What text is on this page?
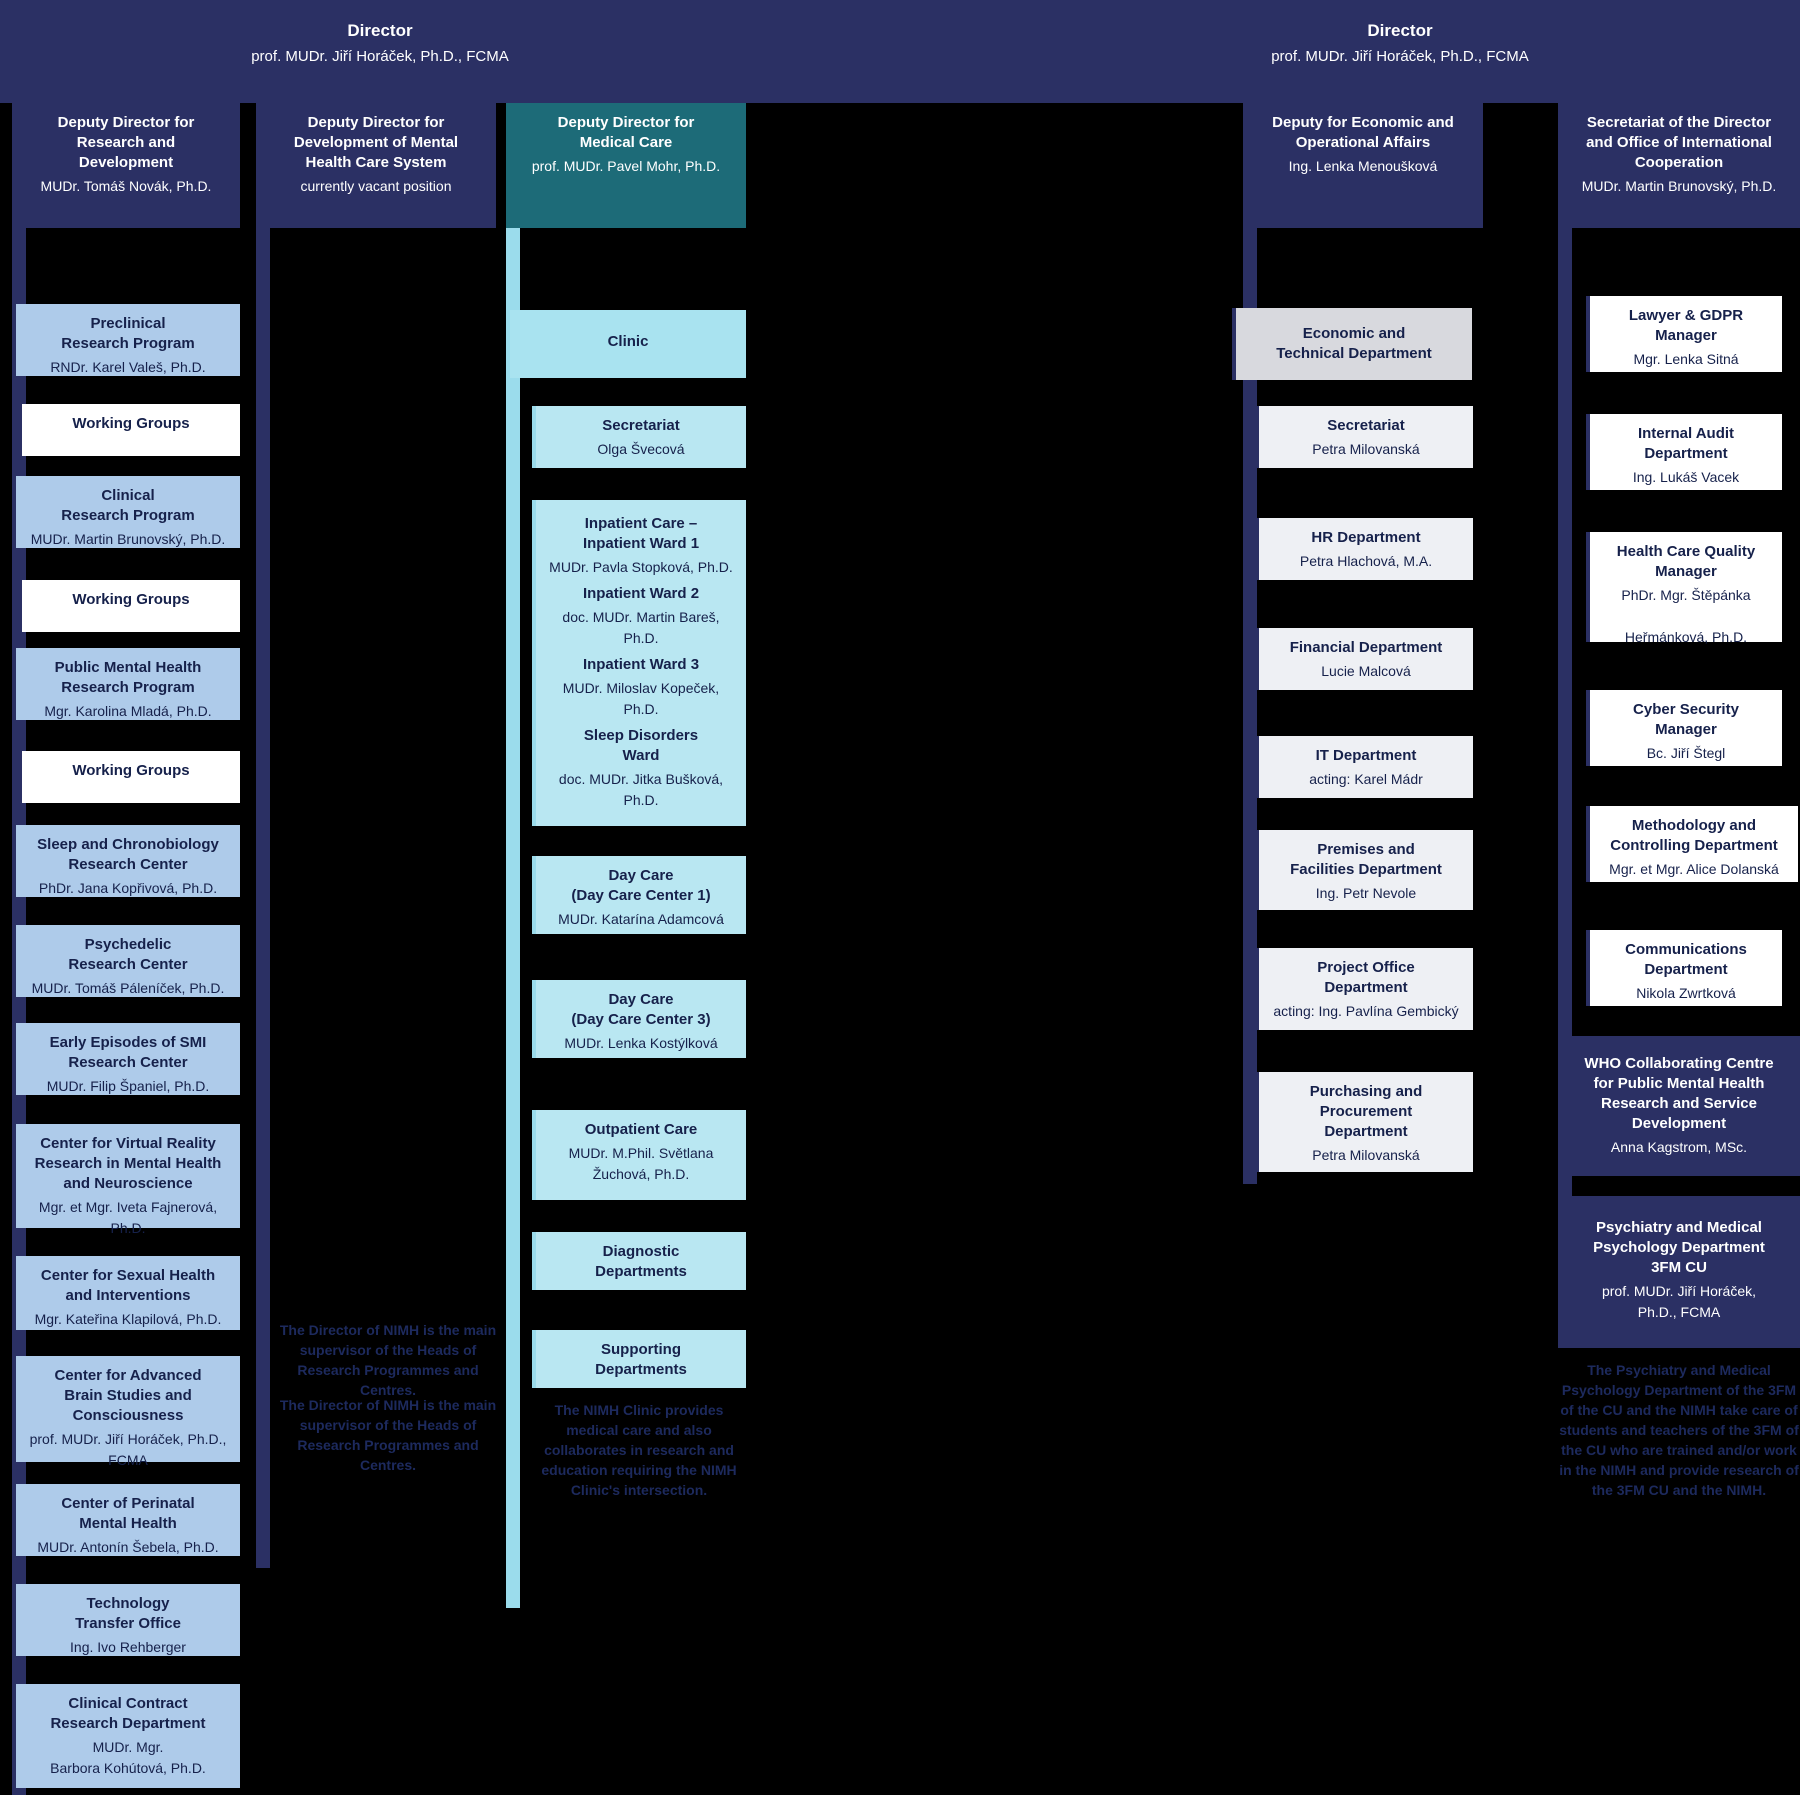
Director
prof. MUDr. Jiří Horáček, Ph.D., FCMA
Director
prof. MUDr. Jiří Horáček, Ph.D., FCMA
Deputy Director for
Research and
Development
MUDr. Tomáš Novák, Ph.D.
Deputy Director for
Development of Mental
Health Care System
currently vacant position
Deputy Director for
Medical Care
prof. MUDr. Pavel Mohr, Ph.D.
Deputy for Economic and
Operational Affairs
Ing. Lenka Menoušková
Secretariat of the Director
and Office of International
Cooperation
MUDr. Martin Brunovský, Ph.D.
Preclinical
Research Program
RNDr. Karel Valeš, Ph.D.
Working Groups
Clinical
Research Program
MUDr. Martin Brunovský, Ph.D.
Working Groups
Public Mental Health
Research Program
Mgr. Karolina Mladá, Ph.D.
Working Groups
Sleep and Chronobiology
Research Center
PhDr. Jana Kopřivová, Ph.D.
Psychedelic
Research Center
MUDr. Tomáš Páleníček, Ph.D.
Early Episodes of SMI
Research Center
MUDr. Filip Španiel, Ph.D.
Center for Virtual Reality
Research in Mental Health
and Neuroscience
Mgr. et Mgr. Iveta Fajnerová, Ph.D.
Center for Sexual Health
and Interventions
Mgr. Kateřina Klapilová, Ph.D.
Center for Advanced
Brain Studies and
Consciousness
prof. MUDr. Jiří Horáček, Ph.D.,
FCMA
Center of Perinatal
Mental Health
MUDr. Antonín Šebela, Ph.D.
Technology
Transfer Office
Ing. Ivo Rehberger
Clinical Contract
Research Department
MUDr. Mgr.
Barbora Kohútová, Ph.D.
Clinic
Secretariat
Olga Švecová
Inpatient Care –
Inpatient Ward 1
MUDr. Pavla Stopková, Ph.D.
Inpatient Ward 2
doc. MUDr. Martin Bareš,
Ph.D.
Inpatient Ward 3
MUDr. Miloslav Kopeček,
Ph.D.
Sleep Disorders
Ward
doc. MUDr. Jitka Bušková,
Ph.D.
Day Care
(Day Care Center 1)
MUDr. Katarína Adamcová
Day Care
(Day Care Center 3)
MUDr. Lenka Kostýlková
Outpatient Care
MUDr. M.Phil. Světlana
Žuchová, Ph.D.
Diagnostic
Departments
Supporting
Departments
Economic and
Technical Department
Secretariat
Petra Milovanská
HR Department
Petra Hlachová, M.A.
Financial Department
Lucie Malcová
IT Department
acting: Karel Mádr
Premises and
Facilities Department
Ing. Petr Nevole
Project Office
Department
acting: Ing. Pavlína Gembický
Purchasing and
Procurement
Department
Petra Milovanská
Lawyer & GDPR
Manager
Mgr. Lenka Sitná
Internal Audit
Department
Ing. Lukáš Vacek
Health Care Quality
Manager
PhDr. Mgr. Štěpánka

Heřmánková, Ph.D.
Cyber Security
Manager
Bc. Jiří Štegl
Methodology and
Controlling Department
Mgr. et Mgr. Alice Dolanská
Communications
Department
Nikola Zwrtková
WHO Collaborating Centre
for Public Mental Health
Research and Service
Development
Anna Kagstrom, MSc.
Psychiatry and Medical
Psychology Department
3FM CU
prof. MUDr. Jiří Horáček,
Ph.D., FCMA
The Director of NIMH is the main supervisor of the Heads of Research Programmes and Centres.
The Director of NIMH is the main supervisor of the Heads of Research Programmes and Centres.
The NIMH Clinic provides medical care and also collaborates in research and education requiring the NIMH Clinic's intersection.
The Psychiatry and Medical Psychology Department of the 3FM of the CU and the NIMH take care of students and teachers of the 3FM of the CU who are trained and/or work in the NIMH and provide research of the 3FM CU and the NIMH.
